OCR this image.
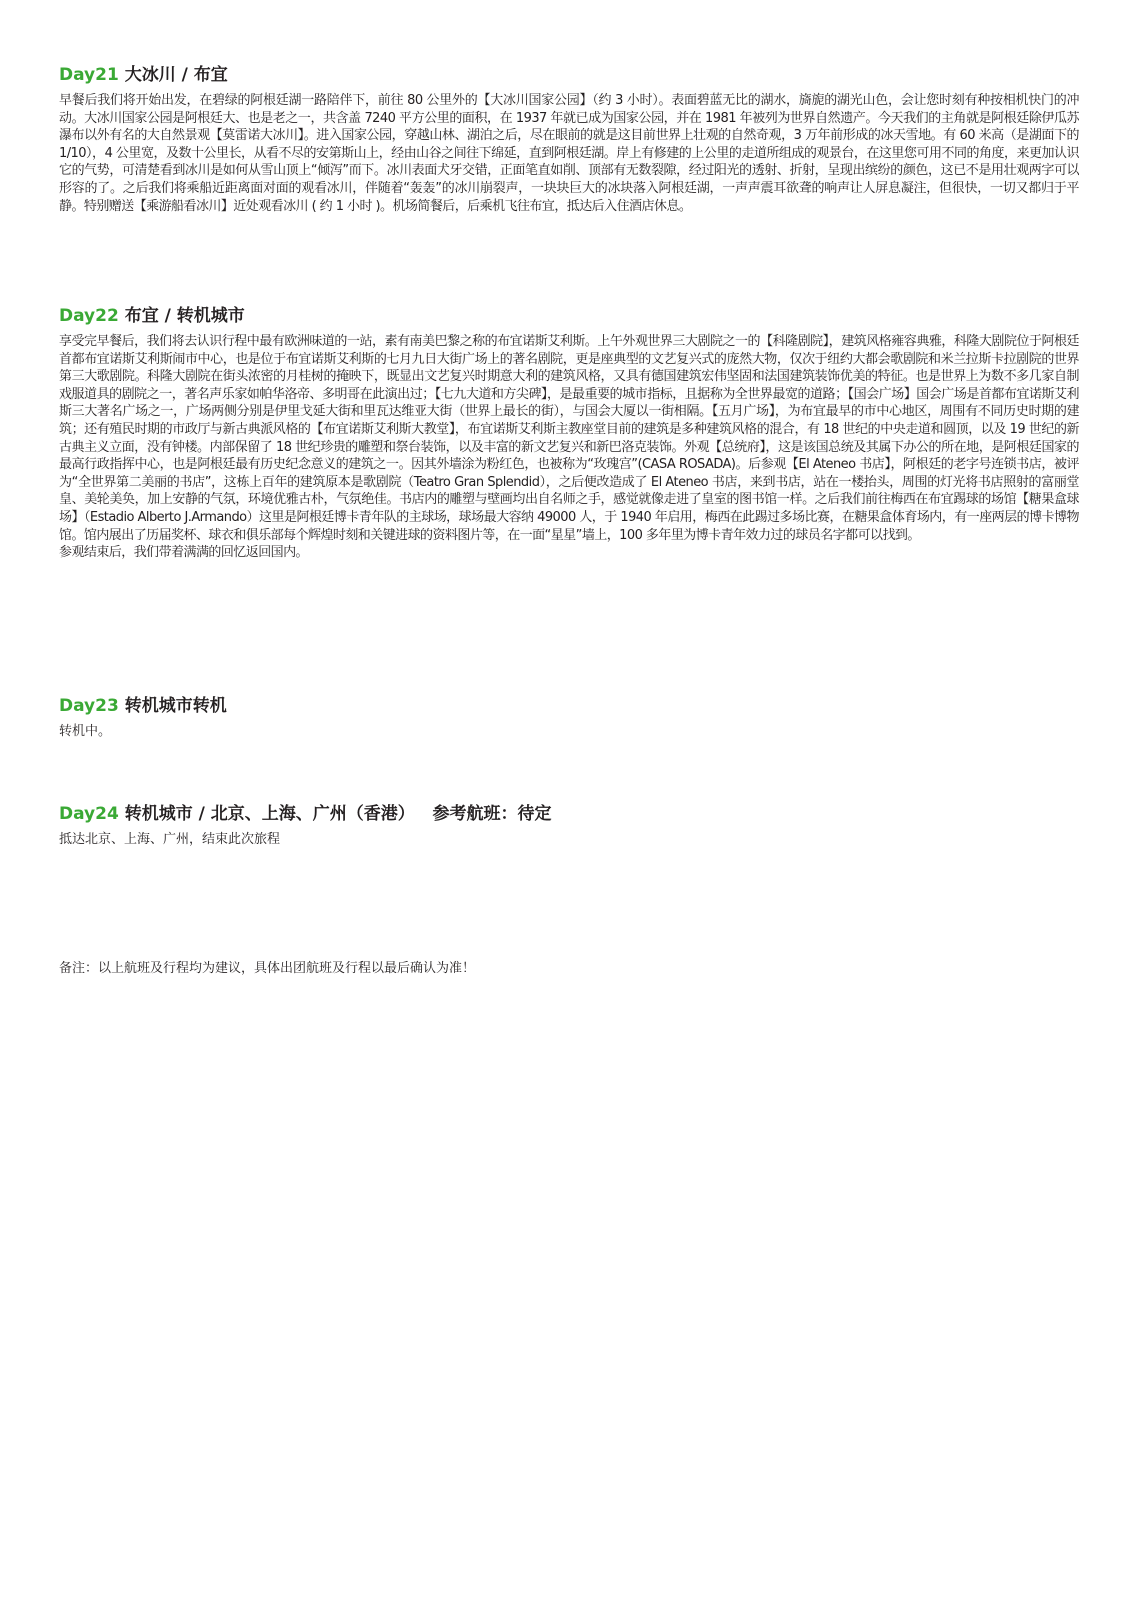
Day21 大冰川 / 布宜

早餐后我们将开始出发，在碧绿的阿根廷湖一路陪伴下，前往 80 公里外的【大冰川国家公园】（约 3 小时）。表面碧蓝无比的湖水，旖旎的湖光山色，会让您时刻有种按相机快门的冲动。大冰川国家公园是阿根廷大、也是老之一，共含盖 7240 平方公里的面积，在 1937 年就已成为国家公园，并在 1981 年被列为世界自然遗产。今天我们的主角就是阿根廷除伊瓜苏瀑布以外有名的大自然景观【莫雷诺大冰川】。进入国家公园，穿越山林、湖泊之后，尽在眼前的就是这目前世界上壮观的自然奇观，3 万年前形成的冰天雪地。有 60 米高（是湖面下的 1/10），4 公里宽，及数十公里长，从看不尽的安第斯山上，经由山谷之间往下绵延，直到阿根廷湖。岸上有修建的上公里的走道所组成的观景台，在这里您可用不同的角度，来更加认识它的气势，可清楚看到冰川是如何从雪山顶上“倾泻”而下。冰川表面犬牙交错，正面笔直如削、顶部有无数裂隙，经过阳光的透射、折射，呈现出缤纷的颜色，这已不是用壮观两字可以形容的了。之后我们将乘船近距离面对面的观看冰川，伴随着“轰轰”的冰川崩裂声，一块块巨大的冰块落入阿根廷湖，一声声震耳欲聋的响声让人屏息凝注，但很快，一切又都归于平静。特别赠送【乘游船看冰川】近处观看冰川 ( 约 1 小时 )。机场简餐后，后乘机飞往布宜，抵达后入住酒店休息。

Day22 布宜 / 转机城市

享受完早餐后，我们将去认识行程中最有欧洲味道的一站，素有南美巴黎之称的布宜诺斯艾利斯。上午外观世界三大剧院之一的【科隆剧院】，建筑风格雍容典雅，科隆大剧院位于阿根廷首都布宜诺斯艾利斯闹市中心，也是位于布宜诺斯艾利斯的七月九日大街广场上的著名剧院，更是座典型的文艺复兴式的庞然大物，仅次于纽约大都会歌剧院和米兰拉斯卡拉剧院的世界第三大歌剧院。科隆大剧院在街头浓密的月桂树的掩映下，既显出文艺复兴时期意大利的建筑风格，又具有德国建筑宏伟坚固和法国建筑装饰优美的特征。也是世界上为数不多几家自制戏服道具的剧院之一，著名声乐家如帕华洛帝、多明哥在此演出过；【七九大道和方尖碑】，是最重要的城市指标，且据称为全世界最宽的道路；【国会广场】国会广场是首都布宜诺斯艾利斯三大著名广场之一，广场两侧分别是伊里戈延大街和里瓦达维亚大街（世界上最长的街），与国会大厦以一街相隔。【五月广场】，为布宜最早的市中心地区，周围有不同历史时期的建筑；还有殖民时期的市政厅与新古典派风格的【布宜诺斯艾利斯大教堂】，布宜诺斯艾利斯主教座堂目前的建筑是多种建筑风格的混合，有 18 世纪的中央走道和圆顶，以及 19 世纪的新古典主义立面，没有钟楼。内部保留了 18 世纪珍贵的雕塑和祭台装饰，以及丰富的新文艺复兴和新巴洛克装饰。外观【总统府】，这是该国总统及其属下办公的所在地，是阿根廷国家的最高行政指挥中心，也是阿根廷最有历史纪念意义的建筑之一。因其外墙涂为粉红色，也被称为“玫瑰宫”(CASA ROSADA)。后参观【El Ateneo 书店】，阿根廷的老字号连锁书店，被评为“全世界第二美丽的书店”，这栋上百年的建筑原本是歌剧院（Teatro Gran Splendid），之后便改造成了 El Ateneo 书店，来到书店，站在一楼抬头，周围的灯光将书店照射的富丽堂皇、美轮美奂，加上安静的气氛，环境优雅古朴，气氛绝佳。书店内的雕塑与壁画均出自名师之手，感觉就像走进了皇室的图书馆一样。之后我们前往梅西在布宜踢球的场馆【糖果盒球场】（Estadio Alberto J.Armando）这里是阿根廷博卡青年队的主球场，球场最大容纳 49000 人，于 1940 年启用，梅西在此踢过多场比赛，在糖果盒体育场内，有一座两层的博卡博物馆。馆内展出了历届奖杯、球衣和俱乐部每个辉煌时刻和关键进球的资料图片等，在一面“星星”墙上，100 多年里为博卡青年效力过的球员名字都可以找到。

参观结束后，我们带着满满的回忆返回国内。

Day23 转机城市转机

转机中。

Day24 转机城市 / 北京、上海、广州（香港）   参考航班：待定

抵达北京、上海、广州，结束此次旅程

备注：以上航班及行程均为建议，具体出团航班及行程以最后确认为准！
